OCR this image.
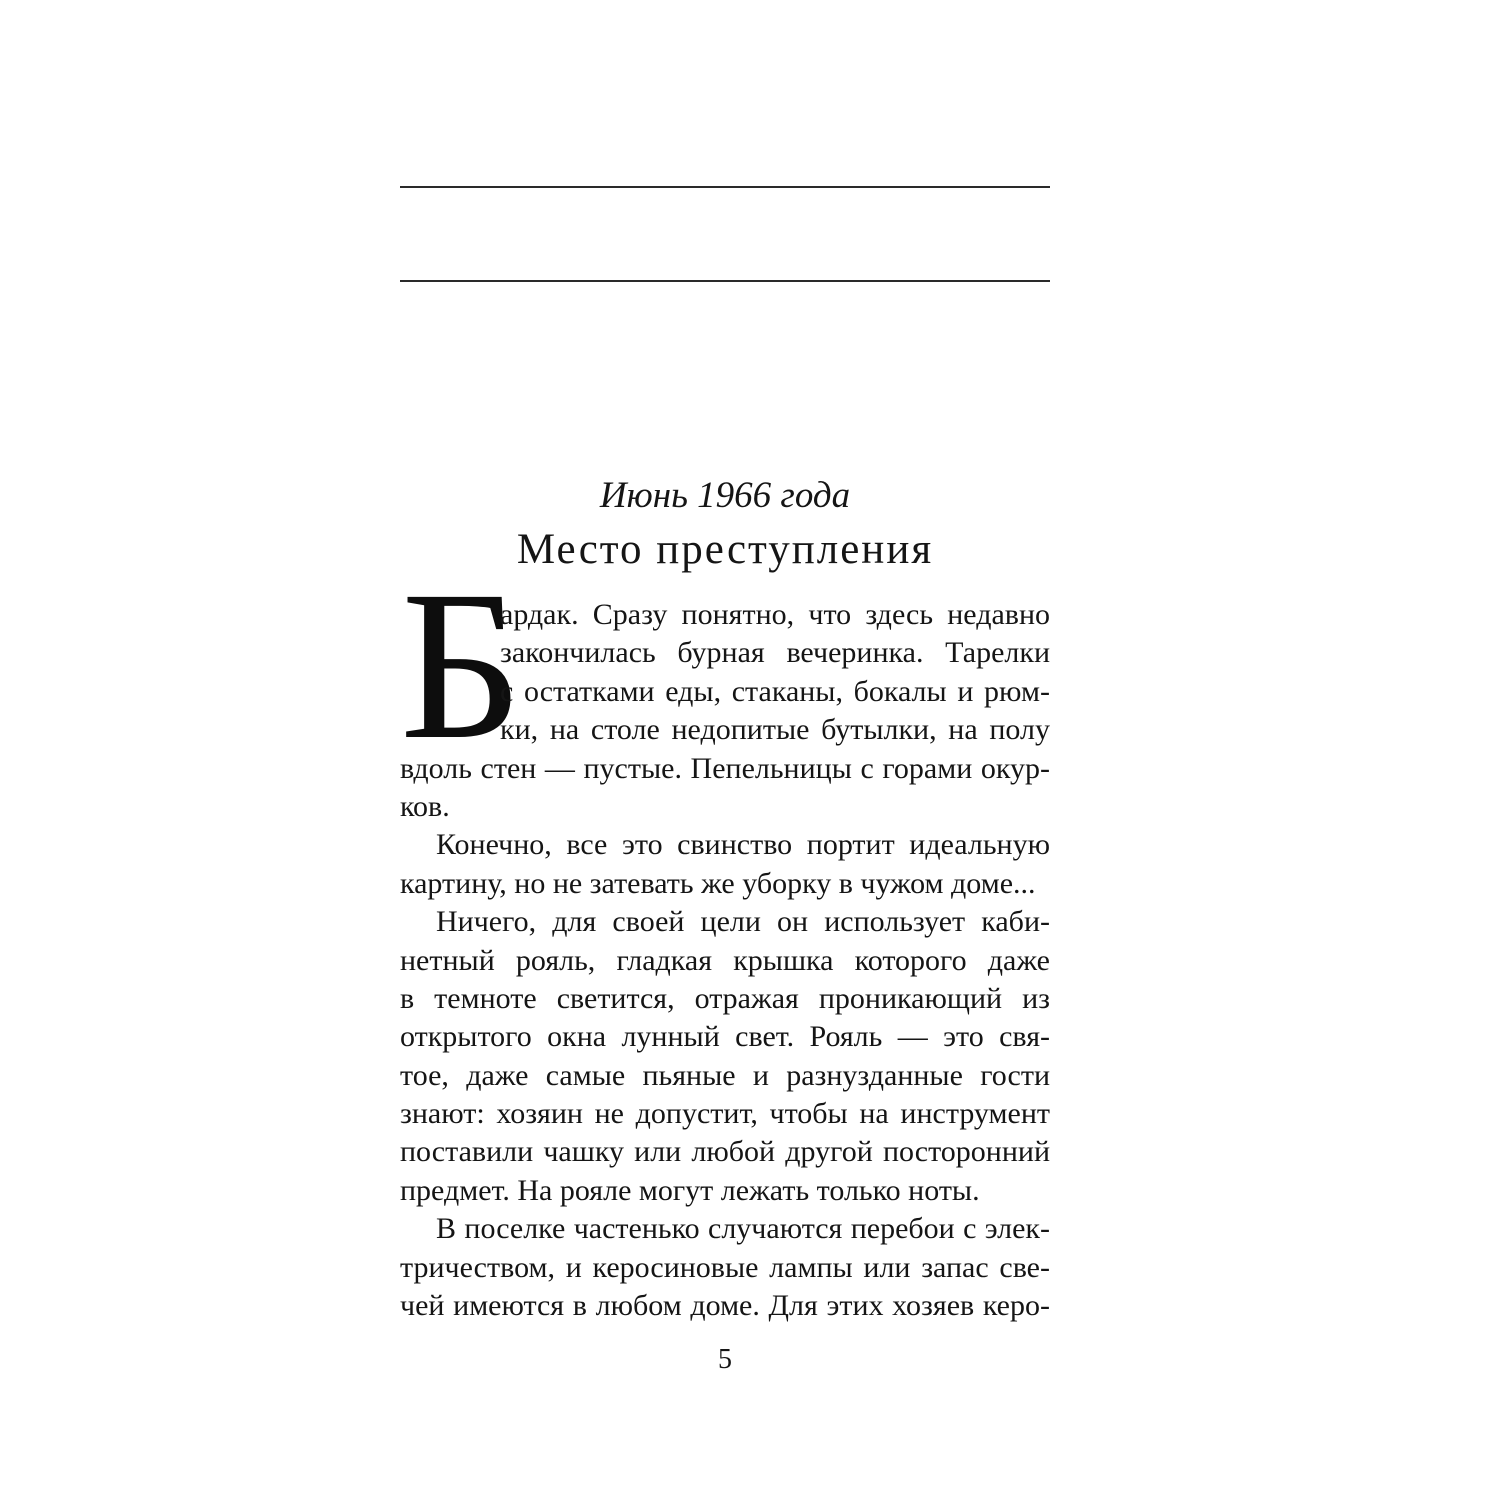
Июнь 1966 года

Место преступления
Б
ардак. Сразу понятно, что здесь недавно
закончилась бурная вечеринка. Тарелки
с остатками еды, стаканы, бокалы и рюм-
ки, на столе недопитые бутылки, на полу
вдоль стен — пустые. Пепельницы с горами окур-
ков.
Конечно, все это свинство портит идеальную
картину, но не затевать же уборку в чужом доме...
Ничего, для своей цели он использует каби-
нетный рояль, гладкая крышка которого даже
в темноте светится, отражая проникающий из
открытого окна лунный свет. Рояль — это свя-
тое, даже самые пьяные и разнузданные гости
знают: хозяин не допустит, чтобы на инструмент
поставили чашку или любой другой посторонний
предмет. На рояле могут лежать только ноты.
В поселке частенько случаются перебои с элек-
тричеством, и керосиновые лампы или запас све-
чей имеются в любом доме. Для этих хозяев керо-
5
